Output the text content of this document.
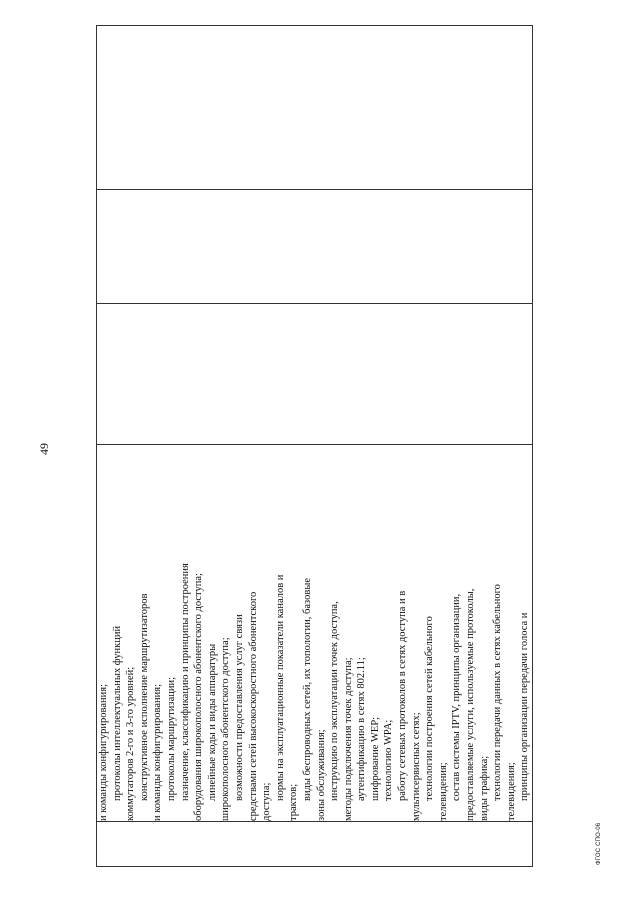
49

и команды конфигурирования; протоколы интеллектуальных функций коммутаторов 2-го и 3-го уровней; конструктивное исполнение маршрутизаторов и команды конфигурирования; протоколы маршрутизации; назначение, классификацию и принципы построения оборудования широкополосного абонентского доступа; линейные коды и виды аппаратуры широкополосного абонентского доступа; возможности предоставления услуг связи средствами сетей высокоскоростного абонентского доступа;
нормы на эксплуатационные показатели каналов и
трактов;
виды беспроводных сетей, их топологии, базовые зоны обслуживания; инструкцию по эксплуатации точек доступа, методы подключения точек доступа; аутентификацию в сетях 802.11; шифрование WEP; технологию WPA; работу сетевых протоколов в сетях доступа и в мультисервисных сетях; технологии построения сетей кабельного телевидения; состав системы IPTV, принципы организации, предоставляемые услуги, используемые протоколы, виды трафика; технологии передачи данных в сетях кабельного телевидения; принципы организации передачи голоса и

ФГОС СПО-06
